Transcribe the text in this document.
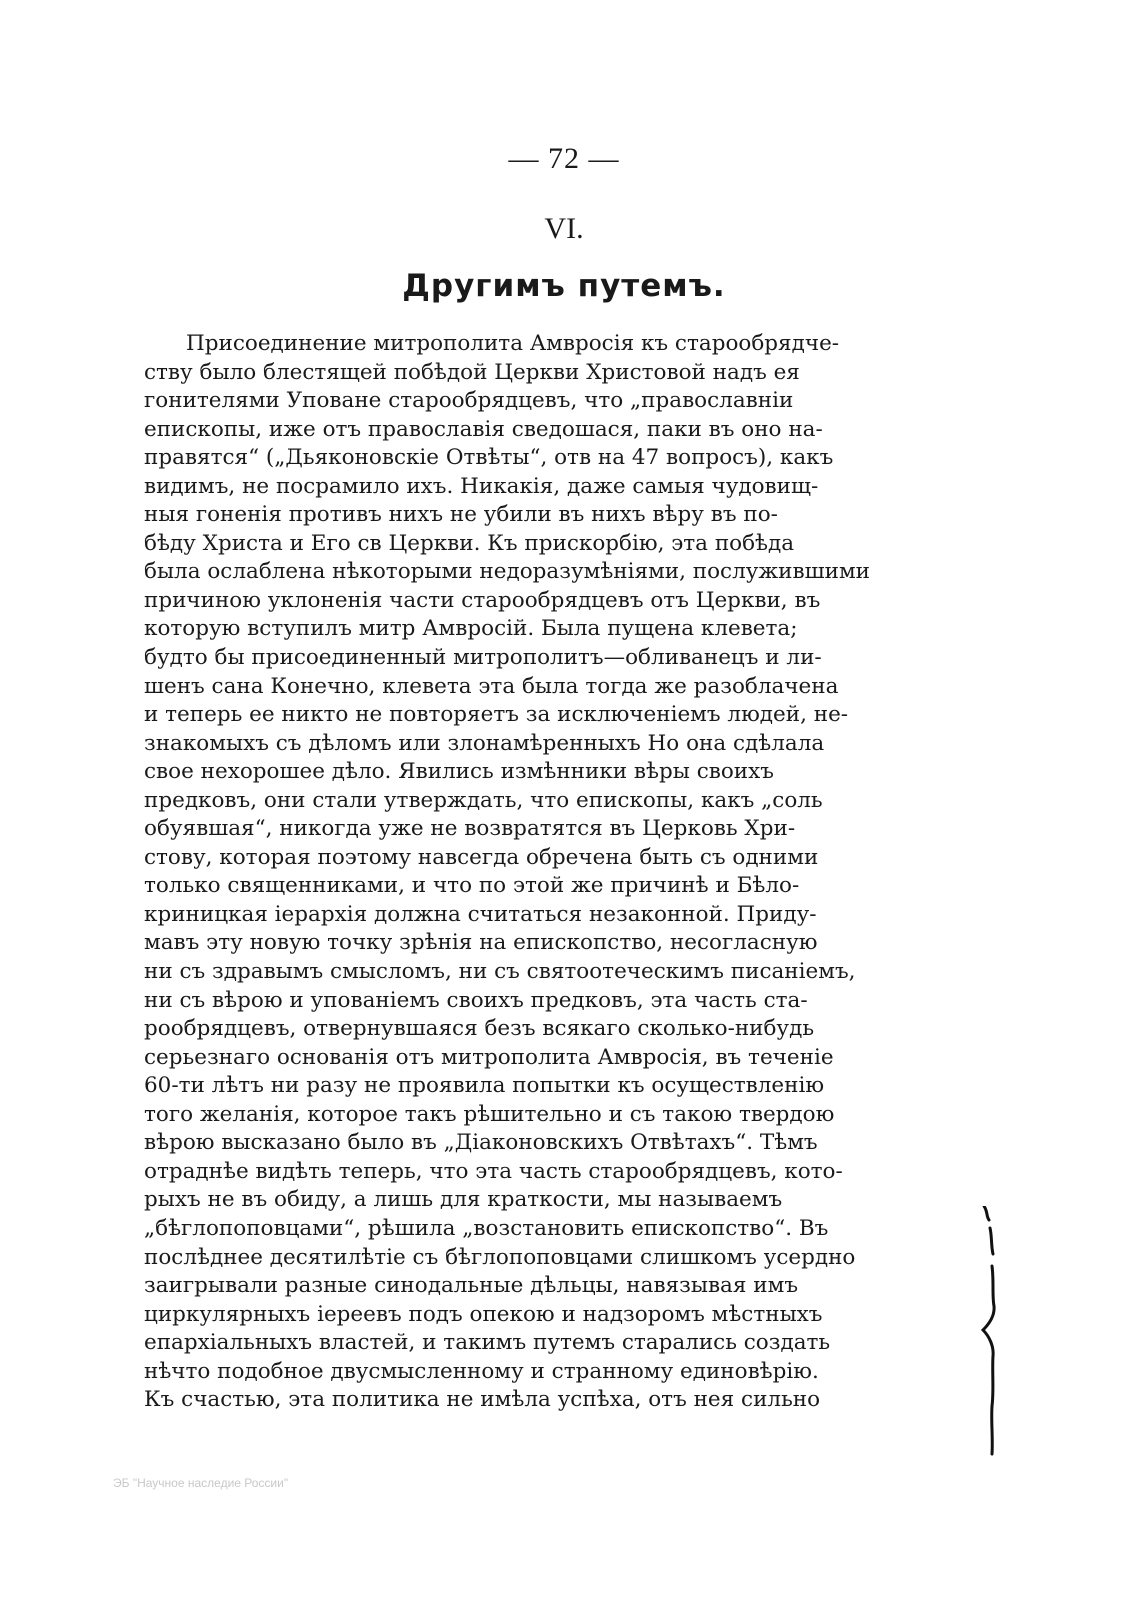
— 72 —
VI.
Другимъ путемъ.
Присоединение митрополита Амвросія къ старообрядче-
ству было блестящей побѣдой Церкви Христовой надъ ея
гонителями Уповане старообрядцевъ, что „православніи
епископы, иже отъ православія сведошася, паки въ оно на-
правятся“ („Дьяконовскіе Отвѣты“, отв на 47 вопросъ), какъ
видимъ, не посрамило ихъ. Никакія, даже самыя чудовищ-
ныя гоненія противъ нихъ не убили въ нихъ вѣру въ по-
бѣду Христа и Его св Церкви. Къ прискорбію, эта побѣда
была ослаблена нѣкоторыми недоразумѣніями, послужившими
причиною уклоненія части старообрядцевъ отъ Церкви, въ
которую вступилъ митр Амвросій. Была пущена клевета;
будто бы присоединенный митрополитъ—обливанецъ и ли-
шенъ сана Конечно, клевета эта была тогда же разоблачена
и теперь ее никто не повторяетъ за исключеніемъ людей, не-
знакомыхъ съ дѣломъ или злонамѣренныхъ Но она сдѣлала
свое нехорошее дѣло. Явились измѣнники вѣры своихъ
предковъ, они стали утверждать, что епископы, какъ „соль
обуявшая“, никогда уже не возвратятся въ Церковь Хри-
стову, которая поэтому навсегда обречена быть съ одними
только священниками, и что по этой же причинѣ и Бѣло-
криницкая іерархія должна считаться незаконной. Приду-
мавъ эту новую точку зрѣнія на епископство, несогласную
ни съ здравымъ смысломъ, ни съ святоотеческимъ писаніемъ,
ни съ вѣрою и упованіемъ своихъ предковъ, эта часть ста-
рообрядцевъ, отвернувшаяся безъ всякаго сколько-нибудь
серьезнаго основанія отъ митрополита Амвросія, въ теченіе
60-ти лѣтъ ни разу не проявила попытки къ осуществленію
того желанія, которое такъ рѣшительно и съ такою твердою
вѣрою высказано было въ „Діаконовскихъ Отвѣтахъ“. Тѣмъ
отраднѣе видѣть теперь, что эта часть старообрядцевъ, кото-
рыхъ не въ обиду, а лишь для краткости, мы называемъ
„бѣглопоповцами“, рѣшила „возстановить епископство“. Въ
послѣднее десятилѣтіе съ бѣглопоповцами слишкомъ усердно
заигрывали разные синодальные дѣльцы, навязывая имъ
циркулярныхъ іереевъ подъ опекою и надзоромъ мѣстныхъ
епархіальныхъ властей, и такимъ путемъ старались создать
нѣчто подобное двусмысленному и странному единовѣрію.
Къ счастью, эта политика не имѣла успѣха, отъ нея сильно
ЭБ "Научное наследие России"
